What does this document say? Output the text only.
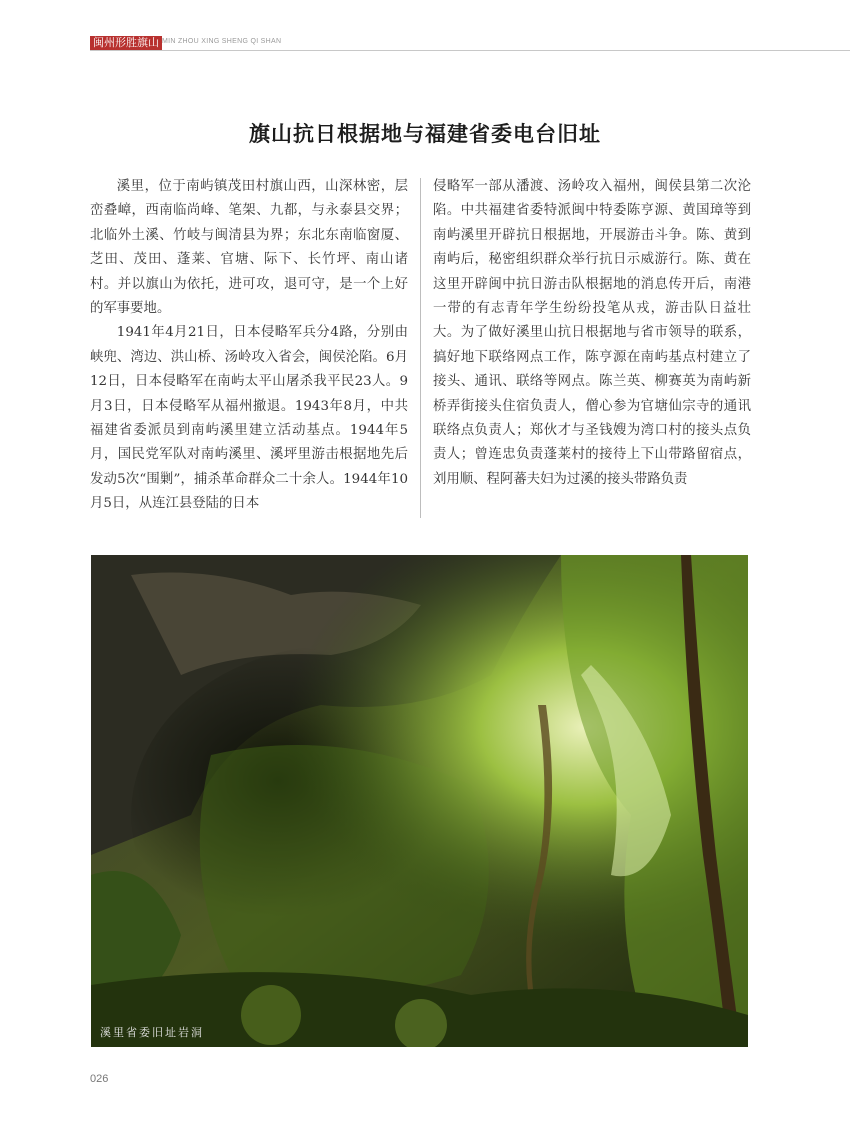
闽州形胜旗山 MIN ZHOU XING SHENG QI SHAN
旗山抗日根据地与福建省委电台旧址

溪里，位于南屿镇茂田村旗山西，山深林密，层峦叠嶂，西南临尚峰、笔架、九都，与永泰县交界；北临外土溪、竹岐与闽清县为界；东北东南临窗厦、芝田、茂田、蓬莱、官塘、际下、长竹坪、南山诸村。并以旗山为依托，进可攻，退可守，是一个上好的军事要地。

1941年4月21日，日本侵略军兵分4路，分别由峡兜、湾边、洪山桥、汤岭攻入省会，闽侯沦陷。6月12日，日本侵略军在南屿太平山屠杀我平民23人。9月3日，日本侵略军从福州撤退。1943年8月，中共福建省委派员到南屿溪里建立活动基点。1944年5月，国民党军队对南屿溪里、溪坪里游击根据地先后发动5次“围剿”，捕杀革命群众二十余人。1944年10月5日，从连江县登陆的日本

侵略军一部从潘渡、汤岭攻入福州，闽侯县第二次沦陷。中共福建省委特派闽中特委陈亨源、黄国璋等到南屿溪里开辟抗日根据地，开展游击斗争。陈、黄到南屿后，秘密组织群众举行抗日示威游行。陈、黄在这里开辟闽中抗日游击队根据地的消息传开后，南港一带的有志青年学生纷纷投笔从戎，游击队日益壮大。为了做好溪里山抗日根据地与省市领导的联系，搞好地下联络网点工作，陈亨源在南屿基点村建立了接头、通讯、联络等网点。陈兰英、柳赛英为南屿新桥弄街接头住宿负责人，僧心参为官塘仙宗寺的通讯联络点负责人；郑伙才与圣钱嫂为湾口村的接头点负责人；曾连忠负责蓬莱村的接待上下山带路留宿点，刘用顺、程阿蕃夫妇为过溪的接头带路负责

溪里省委旧址岩洞
026
